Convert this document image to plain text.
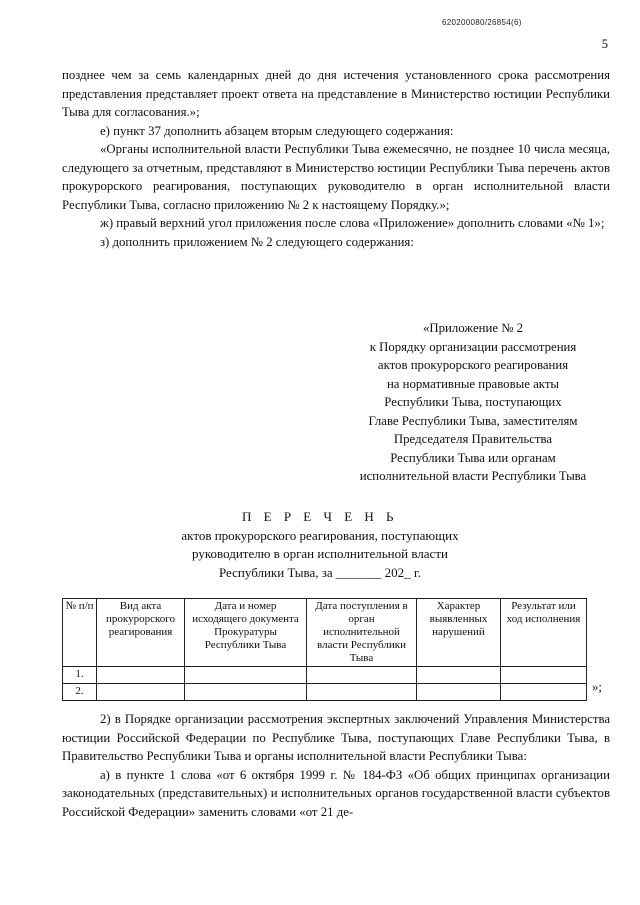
620200080/26854(6)
5

позднее чем за семь календарных дней до дня истечения установленного срока рассмотрения представления представляет проект ответа на представление в Министерство юстиции Республики Тыва для согласования.»;

е) пункт 37 дополнить абзацем вторым следующего содержания:

«Органы исполнительной власти Республики Тыва ежемесячно, не позднее 10 числа месяца, следующего за отчетным, представляют в Министерство юстиции Республики Тыва перечень актов прокурорского реагирования, поступающих руководителю в орган исполнительной власти Республики Тыва, согласно приложению № 2 к настоящему Порядку.»;

ж) правый верхний угол приложения после слова «Приложение» дополнить словами «№ 1»;

з) дополнить приложением № 2 следующего содержания:

«Приложение № 2
к Порядку организации рассмотрения
актов прокурорского реагирования
на нормативные правовые акты
Республики Тыва, поступающих
Главе Республики Тыва, заместителям
Председателя Правительства
Республики Тыва или органам
исполнительной власти Республики Тыва
П Е Р Е Ч Е Н Ь
актов прокурорского реагирования, поступающих
руководителю в орган исполнительной власти
Республики Тыва, за _______ 202_ г.
№ п/п	Вид акта прокурорского реагирования	Дата и номер исходящего документа Прокуратуры Республики Тыва	Дата поступления в орган исполнительной власти Республики Тыва	Характер выявленных нарушений	Результат или ход исполнения
1.					
2.						»;

2) в Порядке организации рассмотрения экспертных заключений Управления Министерства юстиции Российской Федерации по Республике Тыва, поступающих Главе Республики Тыва, в Правительство Республики Тыва и органы исполнительной власти Республики Тыва:

а) в пункте 1 слова «от 6 октября 1999 г. № 184-ФЗ «Об общих принципах организации законодательных (представительных) и исполнительных органов государственной власти субъектов Российской Федерации» заменить словами «от 21 де-
